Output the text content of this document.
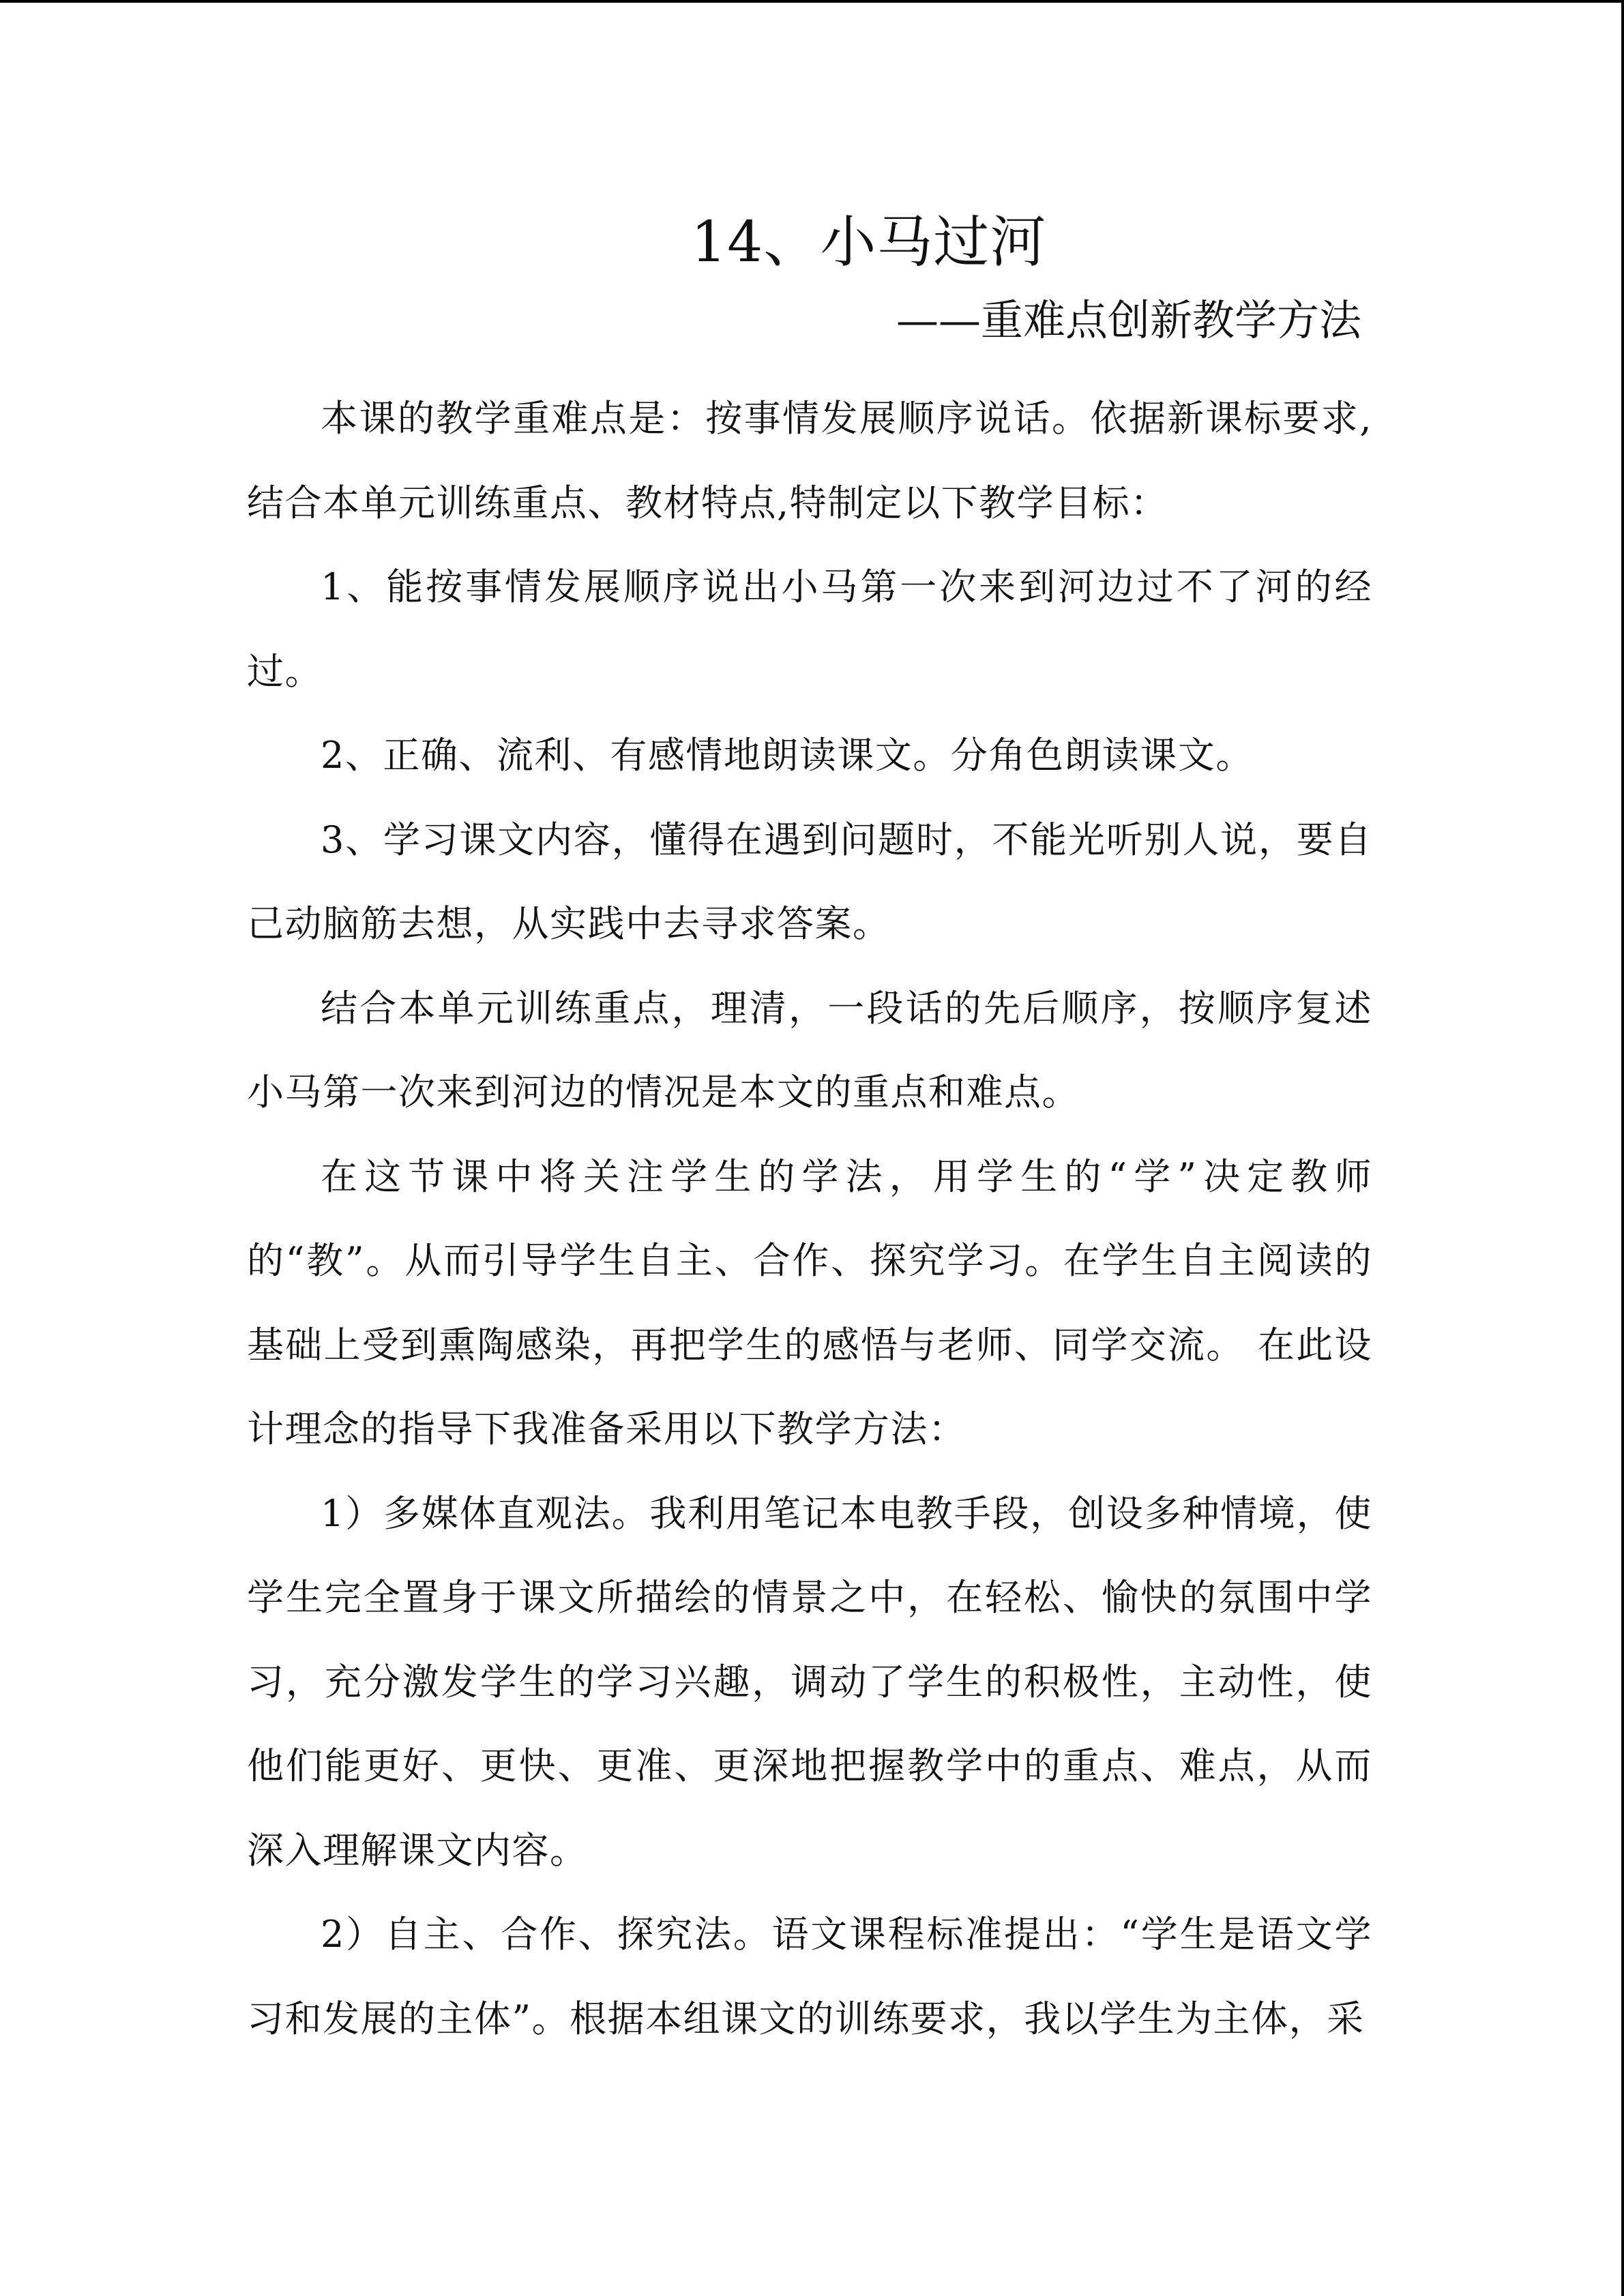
14、小马过河
——重难点创新教学方法

本课的教学重难点是：按事情发展顺序说话。依据新课标要求,结合本单元训练重点、教材特点,特制定以下教学目标：

1、能按事情发展顺序说出小马第一次来到河边过不了河的经过。

2、正确、流利、有感情地朗读课文。分角色朗读课文。

3、学习课文内容，懂得在遇到问题时，不能光听别人说，要自己动脑筋去想，从实践中去寻求答案。

结合本单元训练重点，理清，一段话的先后顺序，按顺序复述小马第一次来到河边的情况是本文的重点和难点。

在这节课中将关注学生的学法，用学生的“学”决定教师的“教”。从而引导学生自主、合作、探究学习。在学生自主阅读的基础上受到熏陶感染，再把学生的感悟与老师、同学交流。 在此设计理念的指导下我准备采用以下教学方法：

1）多媒体直观法。我利用笔记本电教手段，创设多种情境，使学生完全置身于课文所描绘的情景之中，在轻松、愉快的氛围中学习，充分激发学生的学习兴趣，调动了学生的积极性，主动性，使他们能更好、更快、更准、更深地把握教学中的重点、难点，从而深入理解课文内容。

2）自主、合作、探究法。语文课程标准提出：“学生是语文学习和发展的主体”。根据本组课文的训练要求，我以学生为主体，采
